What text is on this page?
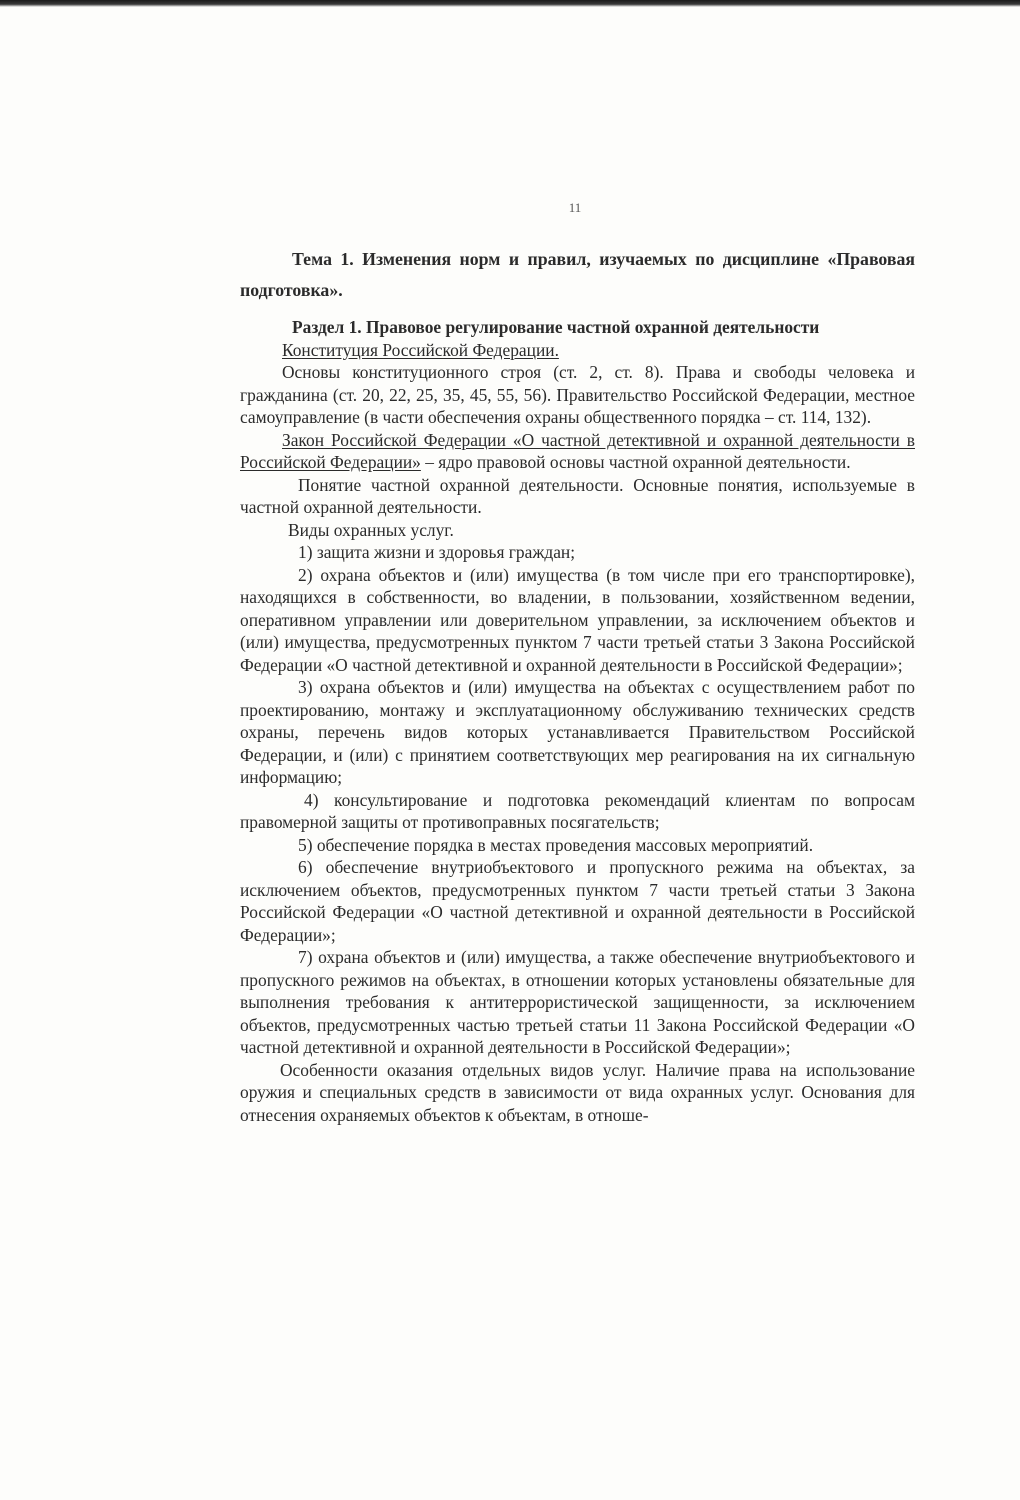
11

Тема 1. Изменения норм и правил, изучаемых по дисциплине «Правовая подготовка».

Раздел 1. Правовое регулирование частной охранной деятельности

Конституция Российской Федерации.

Основы конституционного строя (ст. 2, ст. 8). Права и свободы человека и гражданина (ст. 20, 22, 25, 35, 45, 55, 56). Правительство Российской Федерации, местное самоуправление (в части обеспечения охраны общественного порядка – ст. 114, 132).

Закон Российской Федерации «О частной детективной и охранной деятельности в Российской Федерации» – ядро правовой основы частной охранной деятельности.

Понятие частной охранной деятельности. Основные понятия, используемые в частной охранной деятельности.

Виды охранных услуг.

1) защита жизни и здоровья граждан;

2) охрана объектов и (или) имущества (в том числе при его транспортировке), находящихся в собственности, во владении, в пользовании, хозяйственном ведении, оперативном управлении или доверительном управлении, за исключением объектов и (или) имущества, предусмотренных пунктом 7 части третьей статьи 3 Закона Российской Федерации «О частной детективной и охранной деятельности в Российской Федерации»;

3) охрана объектов и (или) имущества на объектах с осуществлением работ по проектированию, монтажу и эксплуатационному обслуживанию технических средств охраны, перечень видов которых устанавливается Правительством Российской Федерации, и (или) с принятием соответствующих мер реагирования на их сигнальную информацию;

4) консультирование и подготовка рекомендаций клиентам по вопросам правомерной защиты от противоправных посягательств;

5) обеспечение порядка в местах проведения массовых мероприятий.

6) обеспечение внутриобъектового и пропускного режима на объектах, за исключением объектов, предусмотренных пунктом 7 части третьей статьи 3 Закона Российской Федерации «О частной детективной и охранной деятельности в Российской Федерации»;

7) охрана объектов и (или) имущества, а также обеспечение внутриобъектового и пропускного режимов на объектах, в отношении которых установлены обязательные для выполнения требования к антитеррористической защищенности, за исключением объектов, предусмотренных частью третьей статьи 11 Закона Российской Федерации «О частной детективной и охранной деятельности в Российской Федерации»;

Особенности оказания отдельных видов услуг. Наличие права на использование оружия и специальных средств в зависимости от вида охранных услуг. Основания для отнесения охраняемых объектов к объектам, в отноше-
